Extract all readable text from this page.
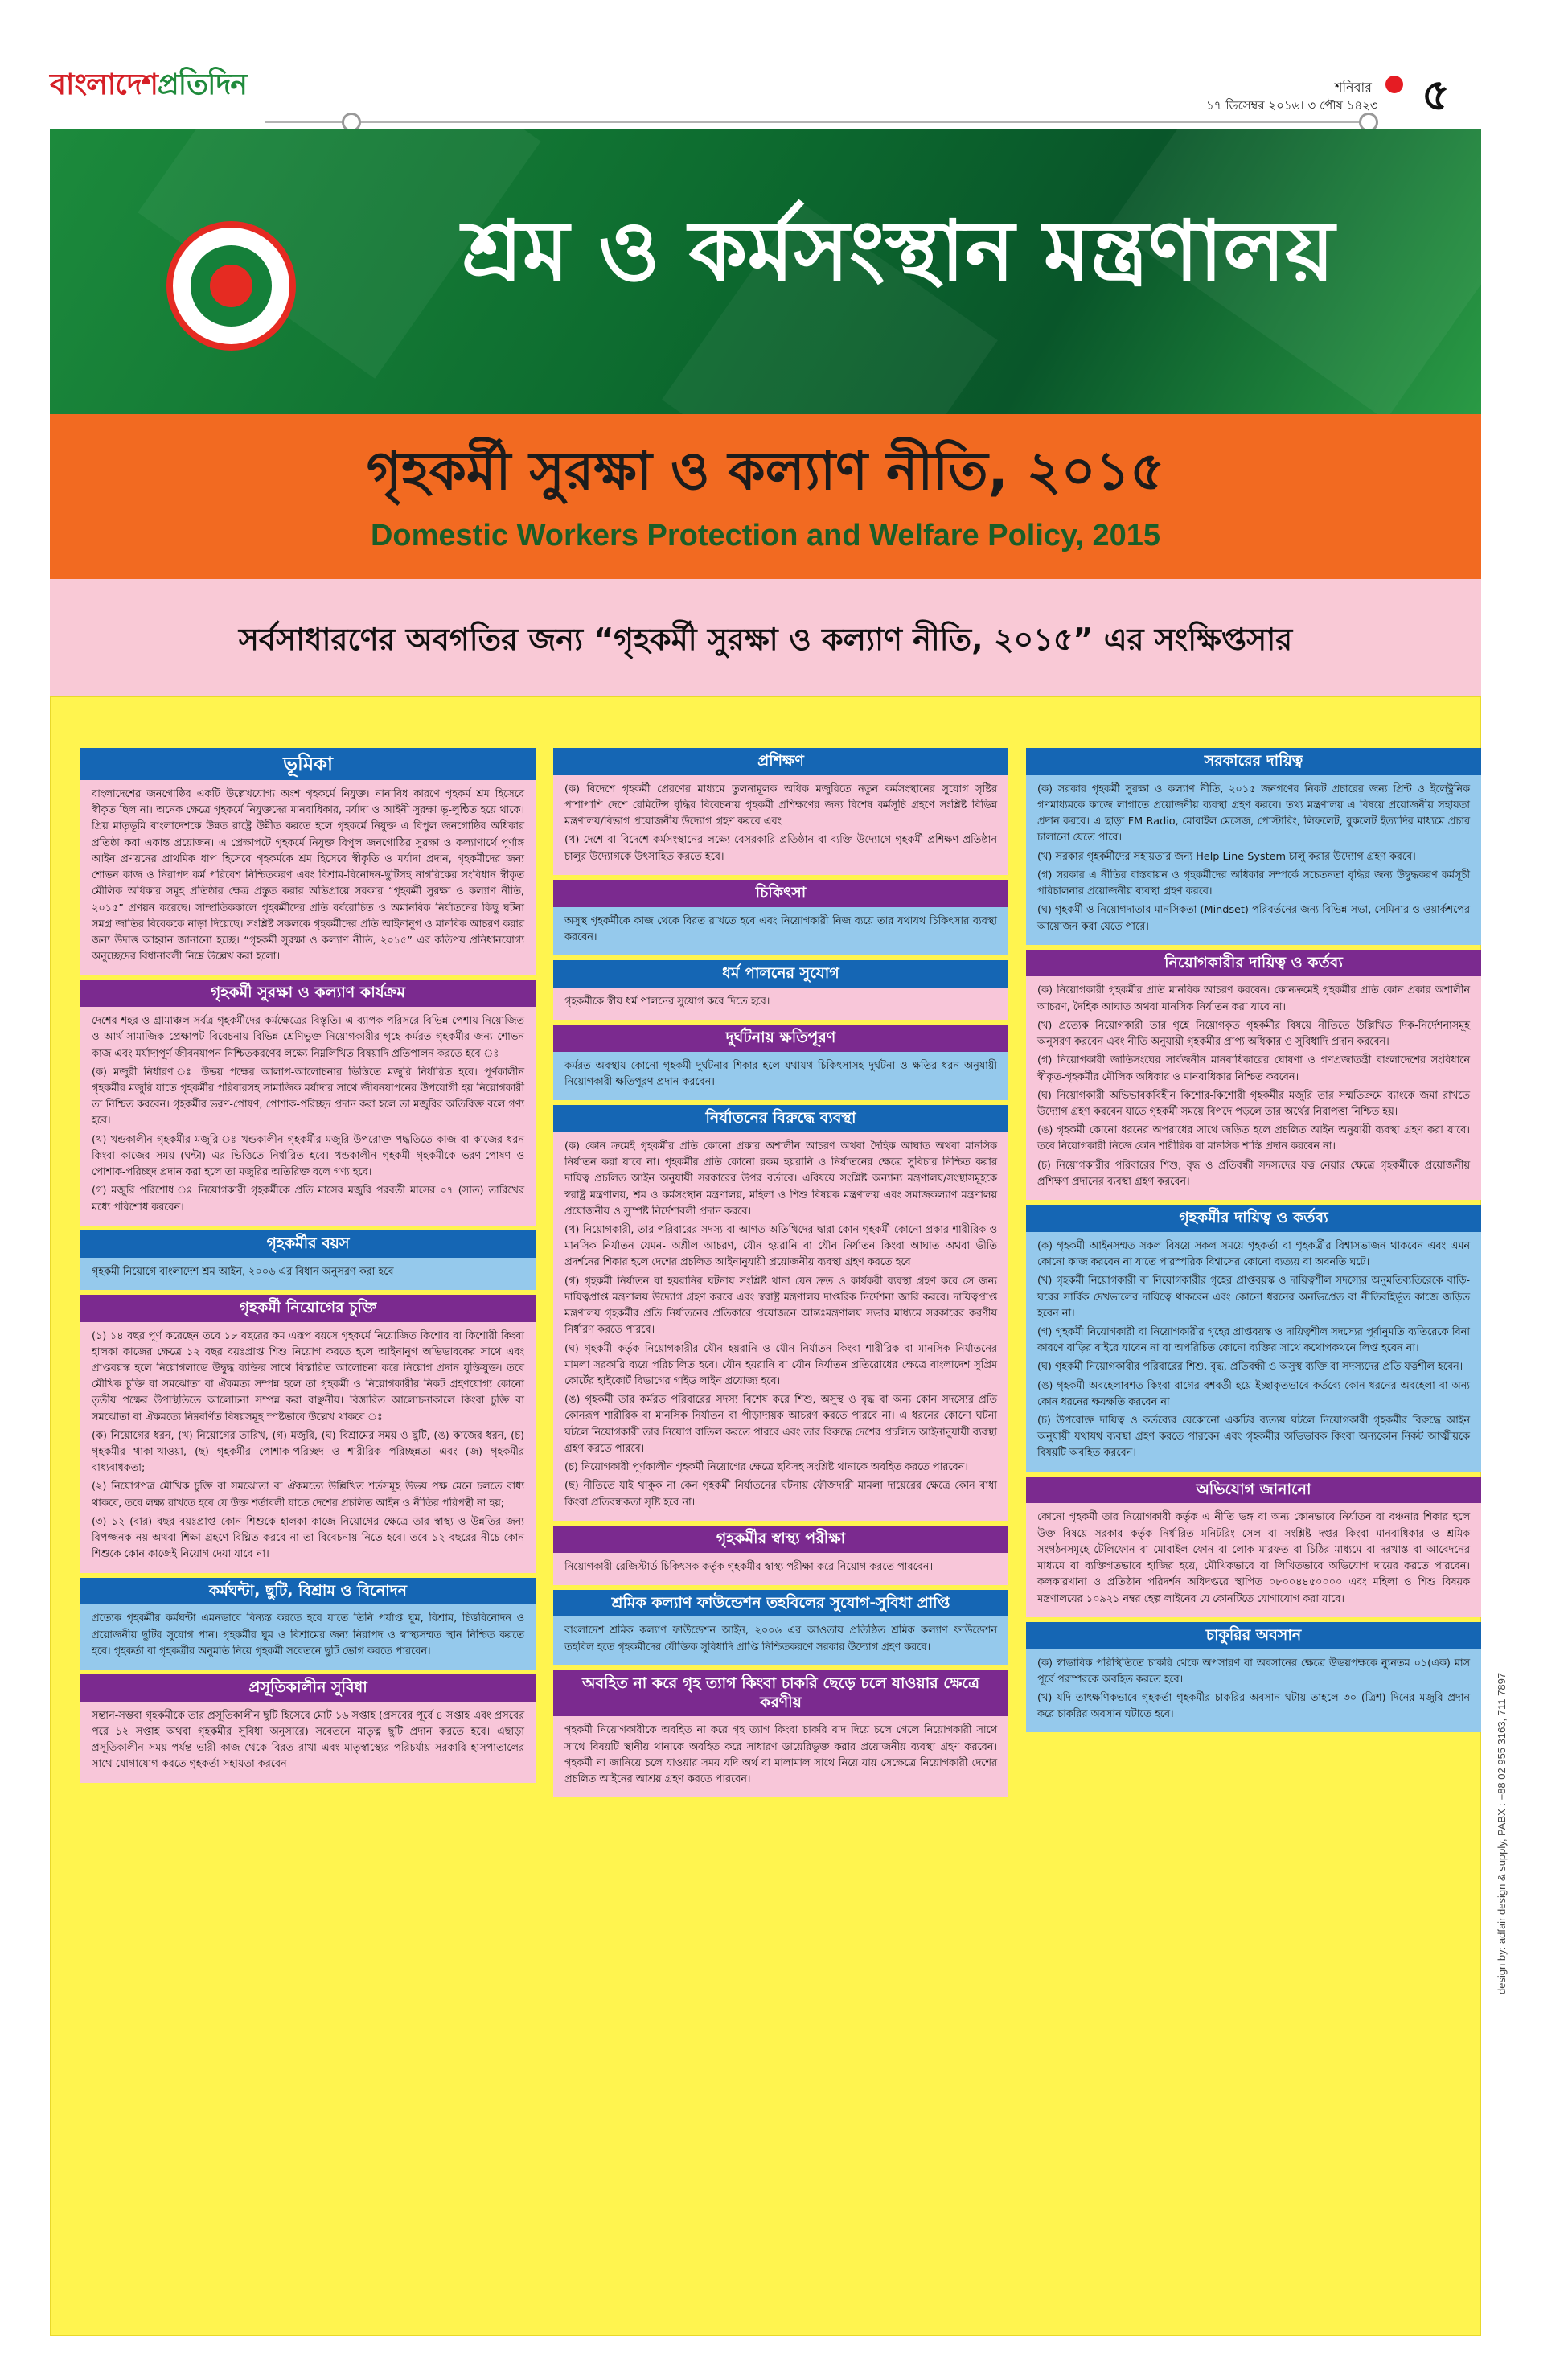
বাংলাদেশপ্রতিদিন	শনিবার
১৭ ডিসেম্বর ২০১৬। ৩ পৌষ ১৪২৩ ৫
শ্রম ও কর্মসংস্থান মন্ত্রণালয়
গৃহকর্মী সুরক্ষা ও কল্যাণ নীতি, ২০১৫
Domestic Workers Protection and Welfare Policy, 2015
সর্বসাধারণের অবগতির জন্য “গৃহকর্মী সুরক্ষা ও কল্যাণ নীতি, ২০১৫” এর সংক্ষিপ্তসার
ভূমিকা

বাংলাদেশের জনগোষ্ঠির একটি উল্লেখযোগ্য অংশ গৃহকর্মে নিযুক্ত। নানাবিধ কারণে গৃহকর্ম শ্রম হিসেবে স্বীকৃত ছিল না। অনেক ক্ষেত্রে গৃহকর্মে নিযুক্তদের মানবাধিকার, মর্যাদা ও আইনী সুরক্ষা ভূ-লুন্ঠিত হয়ে থাকে। প্রিয় মাতৃভূমি বাংলাদেশকে উন্নত রাষ্ট্রে উন্নীত করতে হলে গৃহকর্মে নিযুক্ত এ বিপুল জনগোষ্ঠির অধিকার প্রতিষ্ঠা করা একান্ত প্রয়োজন। এ প্রেক্ষাপটে গৃহকর্মে নিযুক্ত বিপুল জনগোষ্ঠির সুরক্ষা ও কল্যাণার্থে পূর্ণাঙ্গ আইন প্রণয়নের প্রাথমিক ধাপ হিসেবে গৃহকর্মকে শ্রম হিসেবে স্বীকৃতি ও মর্যাদা প্রদান, গৃহকর্মীদের জন্য শোভন কাজ ও নিরাপদ কর্ম পরিবেশ নিশ্চিতকরণ এবং বিশ্রাম-বিনোদন-ছুটিসহ নাগরিকের সংবিধান স্বীকৃত মৌলিক অধিকার সমূহ প্রতিষ্ঠার ক্ষেত্র প্রস্তুত করার অভিপ্রায়ে সরকার “গৃহকর্মী সুরক্ষা ও কল্যাণ নীতি, ২০১৫” প্রণয়ন করেছে। সাম্প্রতিককালে গৃহকর্মীদের প্রতি বর্বরোচিত ও অমানবিক নির্যাতনের কিছু ঘটনা সমগ্র জাতির বিবেককে নাড়া দিয়েছে। সংশ্লিষ্ট সকলকে গৃহকর্মীদের প্রতি আইনানুগ ও মানবিক আচরণ করার জন্য উদাত্ত আহ্বান জানানো হচ্ছে। “গৃহকর্মী সুরক্ষা ও কল্যাণ নীতি, ২০১৫” এর কতিপয় প্রনিধানযোগ্য অনুচ্ছেদের বিধানাবলী নিম্নে উল্লেখ করা হলো।

গৃহকর্মী সুরক্ষা ও কল্যাণ কার্যক্রম

দেশের শহর ও গ্রামাঞ্চল-সর্বত্র গৃহকর্মীদের কর্মক্ষেত্রের বিস্তৃতি। এ ব্যাপক পরিসরে বিভিন্ন পেশায় নিয়োজিত ও আর্থ-সামাজিক প্রেক্ষাপট বিবেচনায় বিভিন্ন শ্রেণিভুক্ত নিয়োগকারীর গৃহে কর্মরত গৃহকর্মীর জন্য শোভন কাজ এবং মর্যাদাপূর্ণ জীবনযাপন নিশ্চিতকরণের লক্ষ্যে নিম্নলিখিত বিষয়াদি প্রতিপালন করতে হবে ঃ

(ক) মজুরী নির্ধারণ ঃ উভয় পক্ষের আলাপ-আলোচনার ভিত্তিতে মজুরি নির্ধারিত হবে। পূর্ণকালীন গৃহকর্মীর মজুরি যাতে গৃহকর্মীর পরিবারসহ সামাজিক মর্যাদার সাথে জীবনযাপনের উপযোগী হয় নিয়োগকারী তা নিশ্চিত করবেন। গৃহকর্মীর ভরণ-পোষণ, পোশাক-পরিচ্ছদ প্রদান করা হলে তা মজুরির অতিরিক্ত বলে গণ্য হবে।

(খ) খন্ডকালীন গৃহকর্মীর মজুরি ঃ খন্ডকালীন গৃহকর্মীর মজুরি উপরোক্ত পদ্ধতিতে কাজ বা কাজের ধরন কিংবা কাজের সময় (ঘন্টা) এর ভিত্তিতে নির্ধারিত হবে। খন্ডকালীন গৃহকর্মী গৃহকর্মীকে ভরণ-পোষণ ও পোশাক-পরিচ্ছদ প্রদান করা হলে তা মজুরির অতিরিক্ত বলে গণ্য হবে।

(গ) মজুরি পরিশোধ ঃ নিয়োগকারী গৃহকর্মীকে প্রতি মাসের মজুরি পরবর্তী মাসের ০৭ (সাত) তারিখের মধ্যে পরিশোধ করবেন।

গৃহকর্মীর বয়স

গৃহকর্মী নিয়োগে বাংলাদেশ শ্রম আইন, ২০০৬ এর বিধান অনুসরণ করা হবে।

গৃহকর্মী নিয়োগের চুক্তি

(১) ১৪ বছর পূর্ণ করেছেন তবে ১৮ বছরের কম এরূপ বয়সে গৃহকর্মে নিয়োজিত কিশোর বা কিশোরী কিংবা হালকা কাজের ক্ষেত্রে ১২ বছর বয়ঃপ্রাপ্ত শিশু নিয়োগ করতে হলে আইনানুগ অভিভাবকের সাথে এবং প্রাপ্তবয়স্ক হলে নিয়োগলাভে উদ্বুদ্ধ ব্যক্তির সাথে বিস্তারিত আলোচনা করে নিয়োগ প্রদান যুক্তিযুক্ত। তবে মৌখিক চুক্তি বা সমঝোতা বা ঐকমত্য সম্পন্ন হলে তা গৃহকর্মী ও নিয়োগকারীর নিকট গ্রহণযোগ্য কোনো তৃতীয় পক্ষের উপস্থিতিতে আলোচনা সম্পন্ন করা বাঞ্ছনীয়। বিস্তারিত আলোচনাকালে কিংবা চুক্তি বা সমঝোতা বা ঐকমত্যে নিম্নবর্ণিত বিষয়সমূহ স্পষ্টভাবে উল্লেখ থাকবে ঃ

(ক) নিয়োগের ধরন, (খ) নিয়োগের তারিখ, (গ) মজুরি, (ঘ) বিশ্রামের সময় ও ছুটি, (ঙ) কাজের ধরন, (চ) গৃহকর্মীর থাকা-খাওয়া, (ছ) গৃহকর্মীর পোশাক-পরিচ্ছদ ও শারীরিক পরিচ্ছন্নতা এবং (জ) গৃহকর্মীর বাধ্যবাধকতা;

(২) নিয়োগপত্র মৌখিক চুক্তি বা সমঝোতা বা ঐকমত্যে উল্লিখিত শর্তসমূহ উভয় পক্ষ মেনে চলতে বাধ্য থাকবে, তবে লক্ষ্য রাখতে হবে যে উক্ত শর্তাবলী যাতে দেশের প্রচলিত আইন ও নীতির পরিপন্থী না হয়;

(৩) ১২ (বার) বছর বয়ঃপ্রাপ্ত কোন শিশুকে হালকা কাজে নিয়োগের ক্ষেত্রে তার স্বাস্থ্য ও উন্নতির জন্য বিপজ্জনক নয় অথবা শিক্ষা গ্রহণে বিঘ্নিত করবে না তা বিবেচনায় নিতে হবে। তবে ১২ বছরের নীচে কোন শিশুকে কোন কাজেই নিয়োগ দেয়া যাবে না।

কর্মঘন্টা, ছুটি, বিশ্রাম ও বিনোদন

প্রত্যেক গৃহকর্মীর কর্মঘন্টা এমনভাবে বিন্যস্ত করতে হবে যাতে তিনি পর্যাপ্ত ঘুম, বিশ্রাম, চিত্তবিনোদন ও প্রয়োজনীয় ছুটির সুযোগ পান। গৃহকর্মীর ঘুম ও বিশ্রামের জন্য নিরাপদ ও স্বাস্থ্যসম্মত স্থান নিশ্চিত করতে হবে। গৃহকর্তা বা গৃহকর্ত্রীর অনুমতি নিয়ে গৃহকর্মী সবেতনে ছুটি ভোগ করতে পারবেন।

প্রসূতিকালীন সুবিধা

সন্তান-সম্ভবা গৃহকর্মীকে তার প্রসূতিকালীন ছুটি হিসেবে মোট ১৬ সপ্তাহ (প্রসবের পূর্বে ৪ সপ্তাহ এবং প্রসবের পরে ১২ সপ্তাহ অথবা গৃহকর্মীর সুবিধা অনুসারে) সবেতনে মাতৃত্ব ছুটি প্রদান করতে হবে। এছাড়া প্রসূতিকালীন সময় পর্যন্ত ভারী কাজ থেকে বিরত রাখা এবং মাতৃস্বাস্থ্যের পরিচর্যায় সরকারি হাসপাতালের সাথে যোগাযোগ করতে গৃহকর্তা সহায়তা করবেন।

প্রশিক্ষণ

(ক) বিদেশে গৃহকর্মী প্রেরণের মাধ্যমে তুলনামূলক অধিক মজুরিতে নতুন কর্মসংস্থানের সুযোগ সৃষ্টির পাশাপাশি দেশে রেমিটেন্স বৃদ্ধির বিবেচনায় গৃহকর্মী প্রশিক্ষণের জন্য বিশেষ কর্মসূচি গ্রহণে সংশ্লিষ্ট বিভিন্ন মন্ত্রণালয়/বিভাগ প্রয়োজনীয় উদ্যোগ গ্রহণ করবে এবং

(খ) দেশে বা বিদেশে কর্মসংস্থানের লক্ষ্যে বেসরকারি প্রতিষ্ঠান বা ব্যক্তি উদ্যোগে গৃহকর্মী প্রশিক্ষণ প্রতিষ্ঠান চালুর উদ্যোগকে উৎসাহিত করতে হবে।

চিকিৎসা

অসুস্থ গৃহকর্মীকে কাজ থেকে বিরত রাখতে হবে এবং নিয়োগকারী নিজ ব্যয়ে তার যথাযথ চিকিৎসার ব্যবস্থা করবেন।

ধর্ম পালনের সুযোগ

গৃহকর্মীকে স্বীয় ধর্ম পালনের সুযোগ করে দিতে হবে।

দুর্ঘটনায় ক্ষতিপূরণ

কর্মরত অবস্থায় কোনো গৃহকর্মী দুর্ঘটনার শিকার হলে যথাযথ চিকিৎসাসহ দুর্ঘটনা ও ক্ষতির ধরন অনুযায়ী নিয়োগকারী ক্ষতিপূরণ প্রদান করবেন।

নির্যাতনের বিরুদ্ধে ব্যবস্থা

(ক) কোন ক্রমেই গৃহকর্মীর প্রতি কোনো প্রকার অশালীন আচরণ অথবা দৈহিক আঘাত অথবা মানসিক নির্যাতন করা যাবে না। গৃহকর্মীর প্রতি কোনো রকম হয়রানি ও নির্যাতনের ক্ষেত্রে সুবিচার নিশ্চিত করার দায়িত্ব প্রচলিত আইন অনুযায়ী সরকারের উপর বর্তাবে। এবিষয়ে সংশ্লিষ্ট অন্যান্য মন্ত্রণালয়/সংস্থাসমূহকে স্বরাষ্ট্র মন্ত্রণালয়, শ্রম ও কর্মসংস্থান মন্ত্রণালয়, মহিলা ও শিশু বিষয়ক মন্ত্রণালয় এবং সমাজকল্যাণ মন্ত্রণালয় প্রয়োজনীয় ও সুস্পষ্ট নির্দেশাবলী প্রদান করবে।

(খ) নিয়োগকারী, তার পরিবারের সদস্য বা আগত অতিথিদের দ্বারা কোন গৃহকর্মী কোনো প্রকার শারীরিক ও মানসিক নির্যাতন যেমন- অশ্লীল আচরণ, যৌন হয়রানি বা যৌন নির্যাতন কিংবা আঘাত অথবা ভীতি প্রদর্শনের শিকার হলে দেশের প্রচলিত আইনানুযায়ী প্রয়োজনীয় ব্যবস্থা গ্রহণ করতে হবে।

(গ) গৃহকর্মী নির্যাতন বা হয়রানির ঘটনায় সংশ্লিষ্ট থানা যেন দ্রুত ও কার্যকরী ব্যবস্থা গ্রহণ করে সে জন্য দায়িত্বপ্রাপ্ত মন্ত্রণালয় উদ্যোগ গ্রহণ করবে এবং স্বরাষ্ট্র মন্ত্রণালয় দাপ্তরিক নির্দেশনা জারি করবে। দায়িত্বপ্রাপ্ত মন্ত্রণালয় গৃহকর্মীর প্রতি নির্যাতনের প্রতিকারে প্রয়োজনে আন্তঃমন্ত্রণালয় সভার মাধ্যমে সরকারের করণীয় নির্ধারণ করতে পারবে।

(ঘ) গৃহকর্মী কর্তৃক নিয়োগকারীর যৌন হয়রানি ও যৌন নির্যাতন কিংবা শারীরিক বা মানসিক নির্যাতনের মামলা সরকারি ব্যয়ে পরিচালিত হবে। যৌন হয়রানি বা যৌন নির্যাতন প্রতিরোধের ক্ষেত্রে বাংলাদেশ সুপ্রিম কোর্টের হাইকোর্ট বিভাগের গাইড লাইন প্রযোজ্য হবে।

(ঙ) গৃহকর্মী তার কর্মরত পরিবারের সদস্য বিশেষ করে শিশু, অসুস্থ ও বৃদ্ধ বা অন্য কোন সদস্যের প্রতি কোনরূপ শারীরিক বা মানসিক নির্যাতন বা পীড়াদায়ক আচরণ করতে পারবে না। এ ধরনের কোনো ঘটনা ঘটলে নিয়োগকারী তার নিয়োগ বাতিল করতে পারবে এবং তার বিরুদ্ধে দেশের প্রচলিত আইনানুযায়ী ব্যবস্থা গ্রহণ করতে পারবে।

(চ) নিয়োগকারী পূর্ণকালীন গৃহকর্মী নিয়োগের ক্ষেত্রে ছবিসহ সংশ্লিষ্ট থানাকে অবহিত করতে পারবেন।

(ছ) নীতিতে যাই থাকুক না কেন গৃহকর্মী নির্যাতনের ঘটনায় ফৌজদারী মামলা দায়েরের ক্ষেত্রে কোন বাধা কিংবা প্রতিবন্ধকতা সৃষ্টি হবে না।

গৃহকর্মীর স্বাস্থ্য পরীক্ষা

নিয়োগকারী রেজিস্টার্ড চিকিৎসক কর্তৃক গৃহকর্মীর স্বাস্থ্য পরীক্ষা করে নিয়োগ করতে পারবেন।

শ্রমিক কল্যাণ ফাউন্ডেশন তহবিলের সুযোগ-সুবিধা প্রাপ্তি

বাংলাদেশ শ্রমিক কল্যাণ ফাউন্ডেশন আইন, ২০০৬ এর আওতায় প্রতিষ্ঠিত শ্রমিক কল্যাণ ফাউন্ডেশন তহবিল হতে গৃহকর্মীদের যৌক্তিক সুবিধাদি প্রাপ্তি নিশ্চিতকরণে সরকার উদ্যোগ গ্রহণ করবে।

অবহিত না করে গৃহ ত্যাগ কিংবা চাকরি ছেড়ে চলে যাওয়ার ক্ষেত্রে করণীয়

গৃহকর্মী নিয়োগকারীকে অবহিত না করে গৃহ ত্যাগ কিংবা চাকরি বাদ দিয়ে চলে গেলে নিয়োগকারী সাথে সাথে বিষয়টি স্থানীয় থানাকে অবহিত করে সাধারণ ডায়েরিভুক্ত করার প্রয়োজনীয় ব্যবস্থা গ্রহণ করবেন। গৃহকর্মী না জানিয়ে চলে যাওয়ার সময় যদি অর্থ বা মালামাল সাথে নিয়ে যায় সেক্ষেত্রে নিয়োগকারী দেশের প্রচলিত আইনের আশ্রয় গ্রহণ করতে পারবেন।

সরকারের দায়িত্ব

(ক) সরকার গৃহকর্মী সুরক্ষা ও কল্যাণ নীতি, ২০১৫ জনগণের নিকট প্রচারের জন্য প্রিন্ট ও ইলেক্ট্রনিক গণমাধ্যমকে কাজে লাগাতে প্রয়োজনীয় ব্যবস্থা গ্রহণ করবে। তথ্য মন্ত্রণালয় এ বিষয়ে প্রয়োজনীয় সহায়তা প্রদান করবে। এ ছাড়া FM Radio, মোবাইল মেসেজ, পোস্টারিং, লিফলেট, বুকলেট ইত্যাদির মাধ্যমে প্রচার চালানো যেতে পারে।

(খ) সরকার গৃহকর্মীদের সহায়তার জন্য Help Line System চালু করার উদ্যোগ গ্রহণ করবে।

(গ) সরকার এ নীতির বাস্তবায়ন ও গৃহকর্মীদের অধিকার সম্পর্কে সচেতনতা বৃদ্ধির জন্য উদ্বুদ্ধকরণ কর্মসূচী পরিচালনার প্রয়োজনীয় ব্যবস্থা গ্রহণ করবে।

(ঘ) গৃহকর্মী ও নিয়োগদাতার মানসিকতা (Mindset) পরিবর্তনের জন্য বিভিন্ন সভা, সেমিনার ও ওয়ার্কশপের আয়োজন করা যেতে পারে।

নিয়োগকারীর দায়িত্ব ও কর্তব্য

(ক) নিয়োগকারী গৃহকর্মীর প্রতি মানবিক আচরণ করবেন। কোনক্রমেই গৃহকর্মীর প্রতি কোন প্রকার অশালীন আচরণ, দৈহিক আঘাত অথবা মানসিক নির্যাতন করা যাবে না।

(খ) প্রত্যেক নিয়োগকারী তার গৃহে নিয়োগকৃত গৃহকর্মীর বিষয়ে নীতিতে উল্লিখিত দিক-নির্দেশনাসমূহ অনুসরণ করবেন এবং নীতি অনুযায়ী গৃহকর্মীর প্রাপ্য অধিকার ও সুবিধাদি প্রদান করবেন।

(গ) নিয়োগকারী জাতিসংঘের সার্বজনীন মানবাধিকারের ঘোষণা ও গণপ্রজাতন্ত্রী বাংলাদেশের সংবিধানে স্বীকৃত-গৃহকর্মীর মৌলিক অধিকার ও মানবাধিকার নিশ্চিত করবেন।

(ঘ) নিয়োগকারী অভিভাবকবিহীন কিশোর-কিশোরী গৃহকর্মীর মজুরি তার সম্মতিক্রমে ব্যাংকে জমা রাখতে উদ্যোগ গ্রহণ করবেন যাতে গৃহকর্মী সময়ে বিপদে পড়লে তার অর্থের নিরাপত্তা নিশ্চিত হয়।

(ঙ) গৃহকর্মী কোনো ধরনের অপরাধের সাথে জড়িত হলে প্রচলিত আইন অনুযায়ী ব্যবস্থা গ্রহণ করা যাবে। তবে নিয়োগকারী নিজে কোন শারীরিক বা মানসিক শাস্তি প্রদান করবেন না।

(চ) নিয়োগকারীর পরিবারের শিশু, বৃদ্ধ ও প্রতিবন্ধী সদস্যদের যত্ন নেয়ার ক্ষেত্রে গৃহকর্মীকে প্রয়োজনীয় প্রশিক্ষণ প্রদানের ব্যবস্থা গ্রহণ করবেন।

গৃহকর্মীর দায়িত্ব ও কর্তব্য

(ক) গৃহকর্মী আইনসম্মত সকল বিষয়ে সকল সময়ে গৃহকর্তা বা গৃহকর্ত্রীর বিশ্বাসভাজন থাকবেন এবং এমন কোনো কাজ করবেন না যাতে পারস্পরিক বিশ্বাসের কোনো ব্যত্যয় বা অবনতি ঘটে।

(খ) গৃহকর্মী নিয়োগকারী বা নিয়োগকারীর গৃহের প্রাপ্তবয়স্ক ও দায়িত্বশীল সদস্যের অনুমতিব্যতিরেকে বাড়ি-ঘরের সার্বিক দেখভালের দায়িত্বে থাকবেন এবং কোনো ধরনের অনভিপ্রেত বা নীতিবহির্ভূত কাজে জড়িত হবেন না।

(গ) গৃহকর্মী নিয়োগকারী বা নিয়োগকারীর গৃহের প্রাপ্তবয়স্ক ও দায়িত্বশীল সদস্যের পূর্বানুমতি ব্যতিরেকে বিনা কারণে বাড়ির বাইরে যাবেন না বা অপরিচিত কোনো ব্যক্তির সাথে কথোপকথনে লিপ্ত হবেন না।

(ঘ) গৃহকর্মী নিয়োগকারীর পরিবারের শিশু, বৃদ্ধ, প্রতিবন্ধী ও অসুস্থ ব্যক্তি বা সদস্যদের প্রতি যত্নশীল হবেন।

(ঙ) গৃহকর্মী অবহেলাবশত কিংবা রাগের বশবর্তী হয়ে ইচ্ছাকৃতভাবে কর্তব্যে কোন ধরনের অবহেলা বা অন্য কোন ধরনের ক্ষয়ক্ষতি করবেন না।

(চ) উপরোক্ত দায়িত্ব ও কর্তব্যের যেকোনো একটির ব্যত্যয় ঘটলে নিয়োগকারী গৃহকর্মীর বিরুদ্ধে আইন অনুযায়ী যথাযথ ব্যবস্থা গ্রহণ করতে পারবেন এবং গৃহকর্মীর অভিভাবক কিংবা অন্যকোন নিকট আত্মীয়কে বিষয়টি অবহিত করবেন।

অভিযোগ জানানো

কোনো গৃহকর্মী তার নিয়োগকারী কর্তৃক এ নীতি ভঙ্গ বা অন্য কোনভাবে নির্যাতন বা বঞ্চনার শিকার হলে উক্ত বিষয়ে সরকার কর্তৃক নির্ধারিত মনিটরিং সেল বা সংশ্লিষ্ট দপ্তর কিংবা মানবাধিকার ও শ্রমিক সংগঠনসমূহে টেলিফোন বা মোবাইল ফোন বা লোক মারফত বা চিঠির মাধ্যমে বা দরখাস্ত বা আবেদনের মাধ্যমে বা ব্যক্তিগতভাবে হাজির হয়ে, মৌখিকভাবে বা লিখিতভাবে অভিযোগ দায়ের করতে পারবেন। কলকারখানা ও প্রতিষ্ঠান পরিদর্শন অধিদপ্তরে স্থাপিত ০৮০০৪৪৫০০০০ এবং মহিলা ও শিশু বিষয়ক মন্ত্রণালয়ের ১০৯২১ নম্বর হেল্প লাইনের যে কোনটিতে যোগাযোগ করা যাবে।

চাকুরির অবসান

(ক) স্বাভাবিক পরিস্থিতিতে চাকরি থেকে অপসারণ বা অবসানের ক্ষেত্রে উভয়পক্ষকে ন্যুনতম ০১(এক) মাস পূর্বে পরস্পরকে অবহিত করতে হবে।

(খ) যদি তাৎক্ষণিকভাবে গৃহকর্তা গৃহকর্মীর চাকরির অবসান ঘটায় তাহলে ৩০ (ত্রিশ) দিনের মজুরি প্রদান করে চাকরির অবসান ঘটাতে হবে।	design by: adfair design & supply, PABX : +88 02 955 3163, 711 7897
